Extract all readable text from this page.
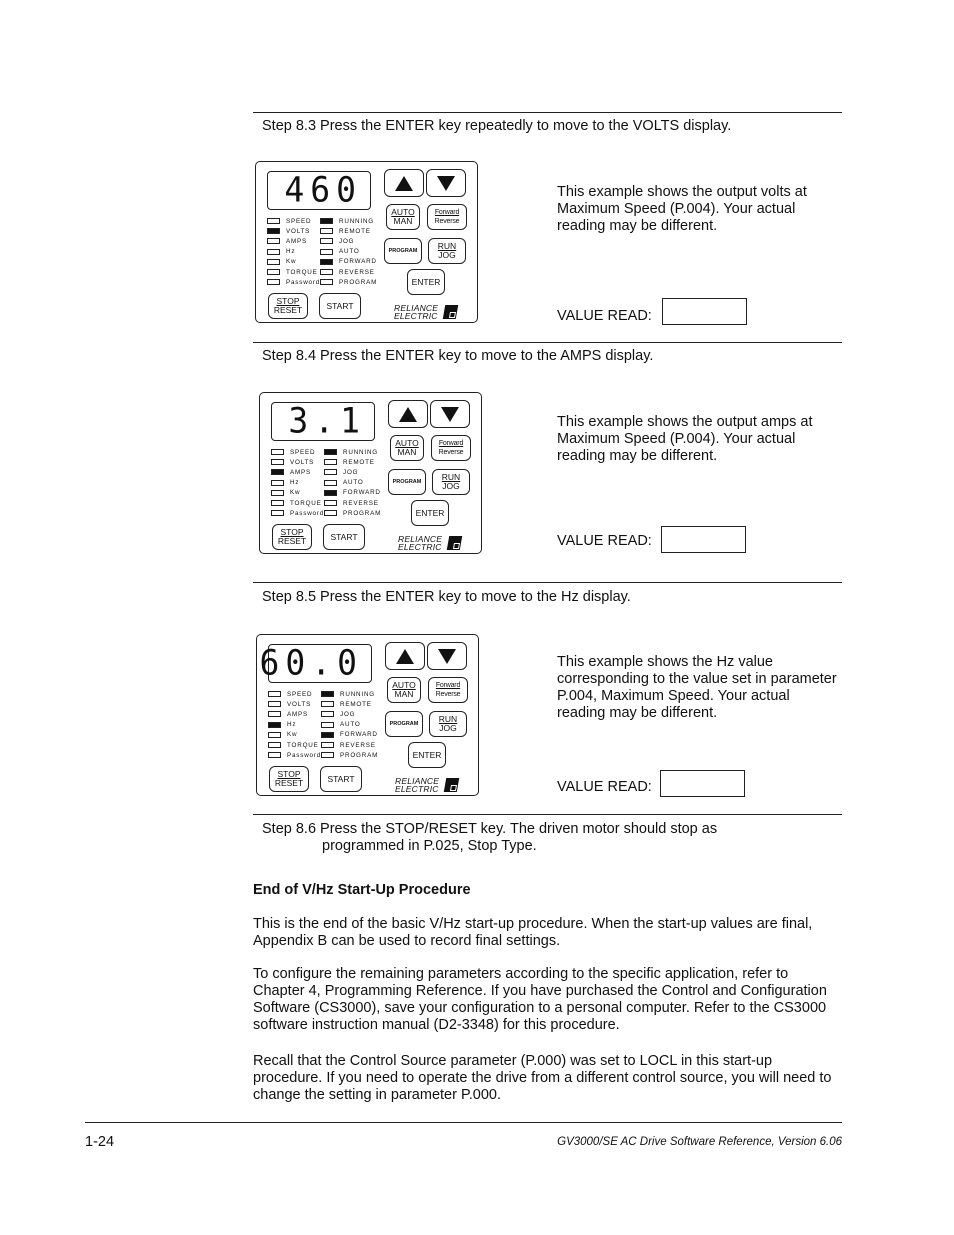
Step 8.3 Press the ENTER key repeatedly to move to the VOLTS display.
460
AUTO
MAN
Forward
Reverse
PROGRAM RUN
JOG
ENTER
STOP
RESET	START	RELIANCE
ELECTRIC
SPEED
VOLTS
AMPS
Hz
Kw
TORQUE
Password
RUNNING
REMOTE
JOG
AUTO
FORWARD
REVERSE
PROGRAM
This example shows the output volts at Maximum Speed (P.004). Your actual reading may be different.
VALUE READ:
Step 8.4 Press the ENTER key to move to the AMPS display.
3.1
AUTO
MAN
Forward
Reverse
PROGRAM RUN
JOG
ENTER
STOP
RESET	START	RELIANCE
ELECTRIC
SPEED
VOLTS
AMPS
Hz
Kw
TORQUE
Password
RUNNING
REMOTE
JOG
AUTO
FORWARD
REVERSE
PROGRAM
This example shows the output amps at Maximum Speed (P.004). Your actual reading may be different.
VALUE READ:
Step 8.5 Press the ENTER key to move to the Hz display.
60.0
AUTO
MAN
Forward
Reverse
PROGRAM RUN
JOG
ENTER
STOP
RESET	START	RELIANCE
ELECTRIC
SPEED
VOLTS
AMPS
Hz
Kw
TORQUE
Password
RUNNING
REMOTE
JOG
AUTO
FORWARD
REVERSE
PROGRAM
This example shows the Hz value corresponding to the value set in parameter P.004, Maximum Speed. Your actual reading may be different.
VALUE READ:
Step 8.6 Press the STOP/RESET key. The driven motor should stop as
programmed in P.025, Stop Type.
End of V/Hz Start-Up Procedure
This is the end of the basic V/Hz start-up procedure. When the start-up values are final, Appendix B can be used to record final settings.
To configure the remaining parameters according to the specific application, refer to Chapter 4, Programming Reference. If you have purchased the Control and Configuration Software (CS3000), save your configuration to a personal computer. Refer to the CS3000 software instruction manual (D2-3348) for this procedure.
Recall that the Control Source parameter (P.000) was set to LOCL in this start-up procedure. If you need to operate the drive from a different control source, you will need to change the setting in parameter P.000.
1-24	GV3000/SE AC Drive Software Reference, Version 6.06
